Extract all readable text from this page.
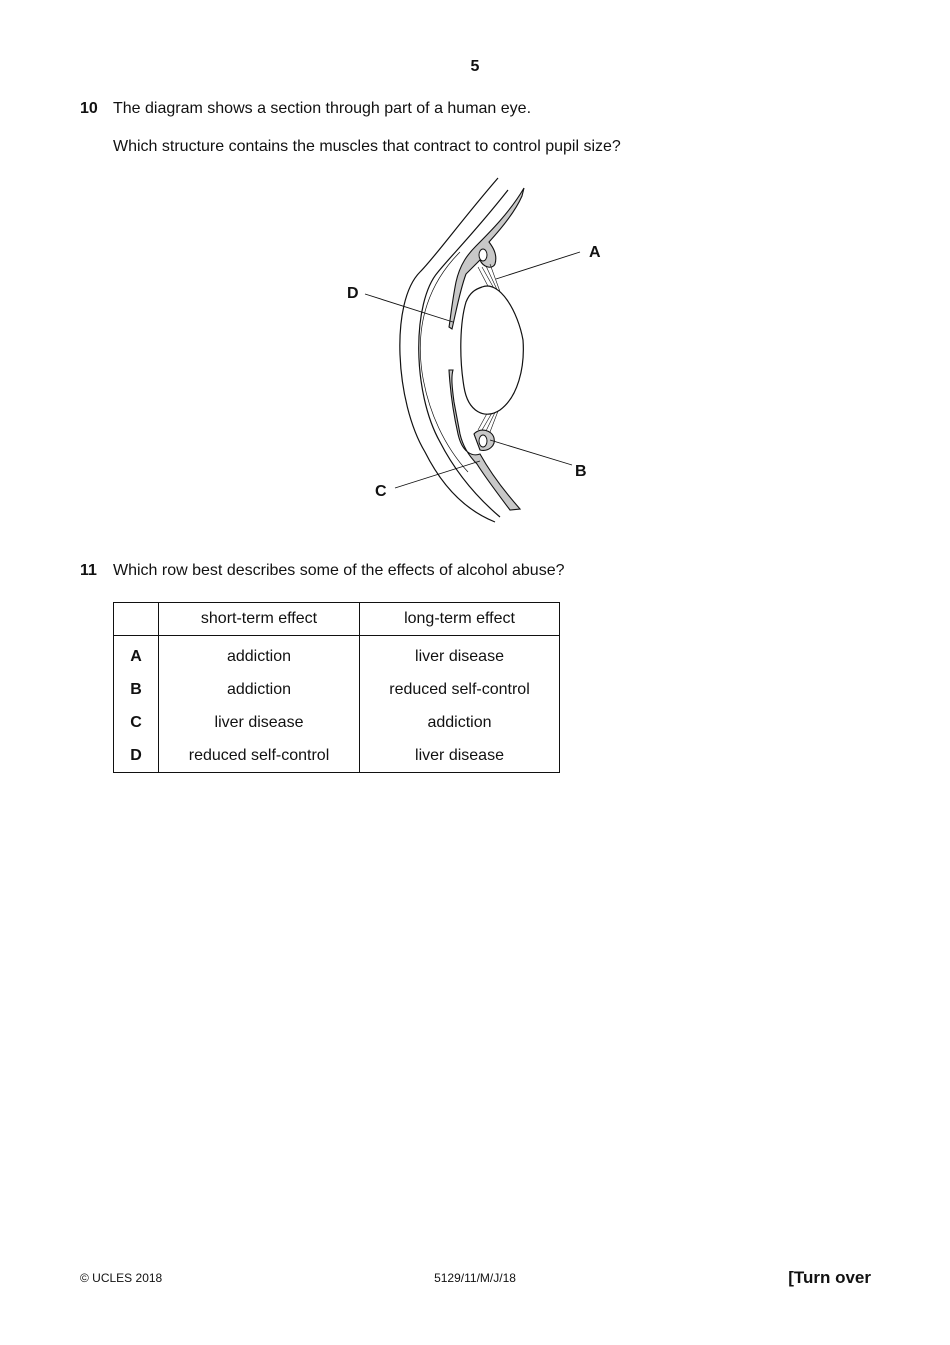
5
10 The diagram shows a section through part of a human eye.
Which structure contains the muscles that contract to control pupil size?
A
B
C
D
11 Which row best describes some of the effects of alcohol abuse?
	short-term effect	long-term effect
A	addiction	liver disease
B	addiction	reduced self-control
C	liver disease	addiction
D	reduced self-control	liver disease
© UCLES 2018	5129/11/M/J/18	[Turn over
